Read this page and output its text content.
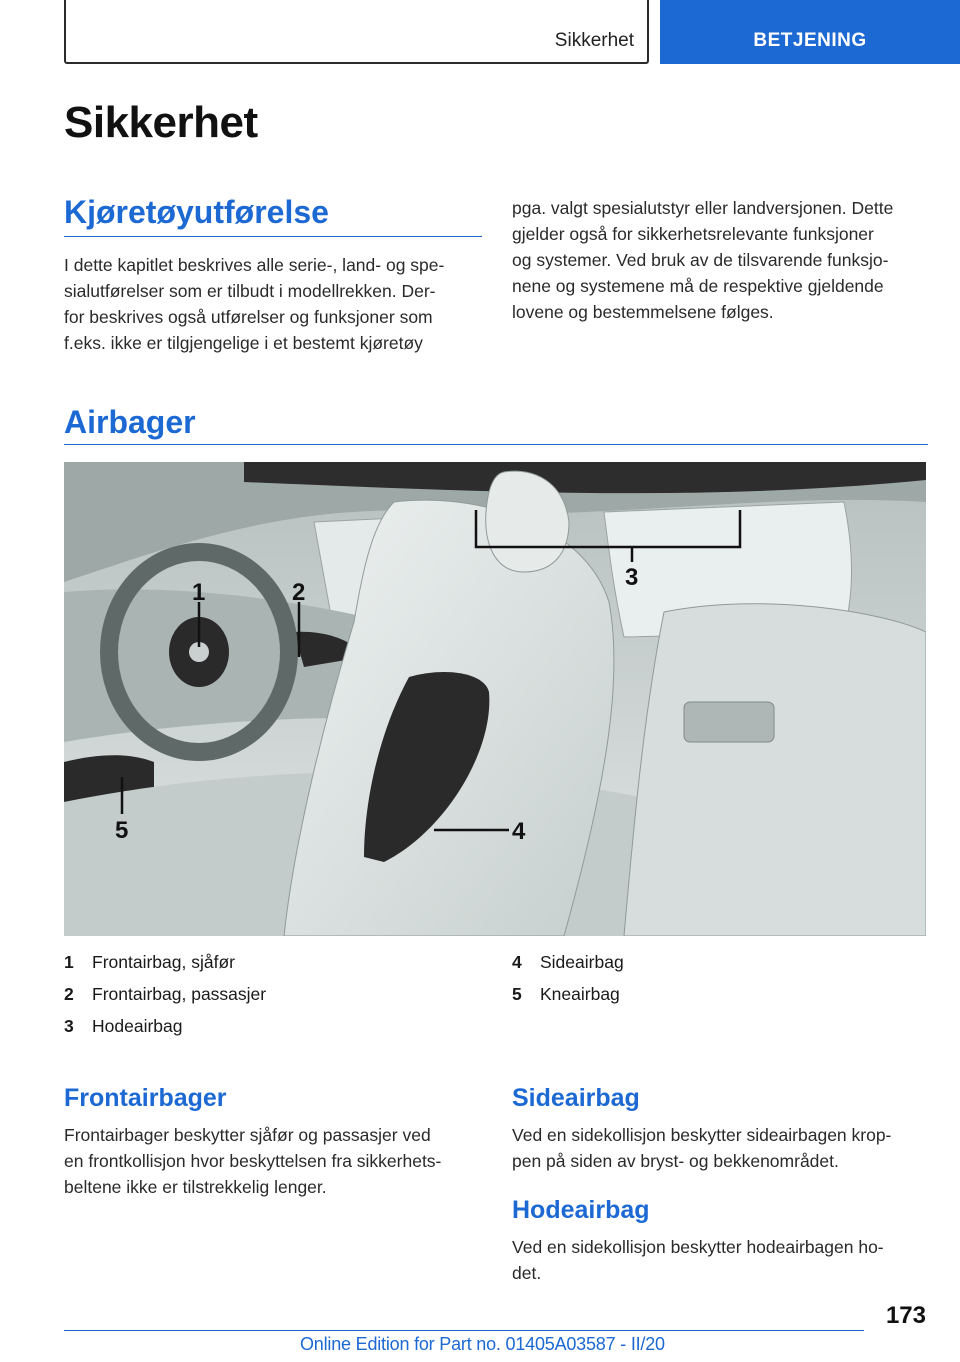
Sikkerhet	BETJENING
Sikkerhet
Kjøretøyutførelse

I dette kapitlet beskrives alle serie-, land- og spe-
sialutførelser som er tilbudt i modellrekken. Der-
for beskrives også utførelser og funksjoner som
f.eks. ikke er tilgjengelige i et bestemt kjøretøy

pga. valgt spesialutstyr eller landversjonen. Dette
gjelder også for sikkerhetsrelevante funksjoner
og systemer. Ved bruk av de tilsvarende funksjo-
nene og systemene må de respektive gjeldende
lovene og bestemmelsene følges.

Airbager
1	2
3
4
5
1	Frontairbag, sjåfør
2	Frontairbag, passasjer
3	Hodeairbag
4	Sideairbag
5	Kneairbag
Frontairbager

Frontairbager beskytter sjåfør og passasjer ved
en frontkollisjon hvor beskyttelsen fra sikkerhets-
beltene ikke er tilstrekkelig lenger.

Sideairbag

Ved en sidekollisjon beskytter sideairbagen krop-
pen på siden av bryst- og bekkenområdet.

Hodeairbag

Ved en sidekollisjon beskytter hodeairbagen ho-
det.

173
Online Edition for Part no. 01405A03587 - II/20
